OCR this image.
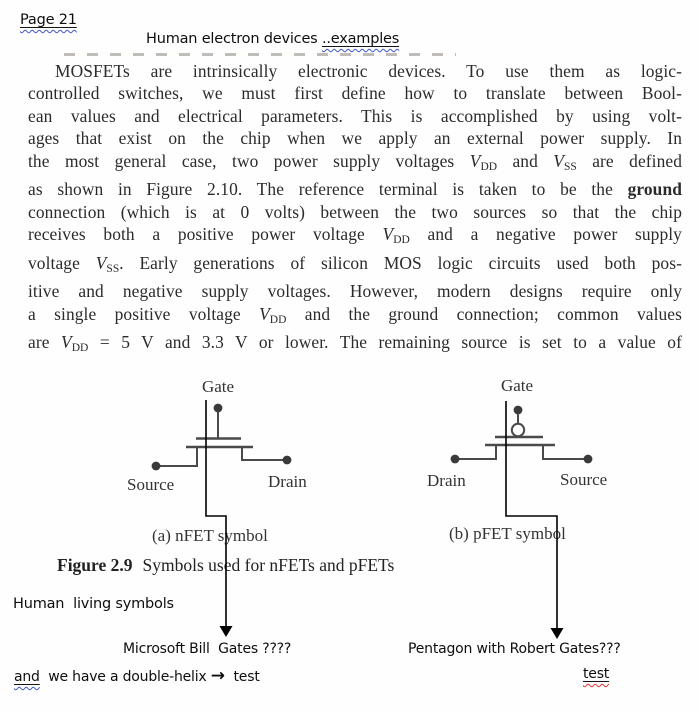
Page 21
Human electron devices ..examples
MOSFETs are intrinsically electronic devices. To use them as logic-
controlled switches, we must first define how to translate between Bool-
ean values and electrical parameters. This is accomplished by using volt-
ages that exist on the chip when we apply an external power supply. In
the most general case, two power supply voltages VDD and VSS are defined
as shown in Figure 2.10. The reference terminal is taken to be the ground
connection (which is at 0 volts) between the two sources so that the chip
receives both a positive power voltage VDD and a negative power supply
voltage VSS. Early generations of silicon MOS logic circuits used both pos-
itive and negative supply voltages. However, modern designs require only
a single positive voltage VDD and the ground connection; common values
are VDD = 5 V and 3.3 V or lower. The remaining source is set to a value of
Gate
Source	Drain
(a) nFET symbol
Gate
Drain	Source
(b) pFET symbol
Figure 2.9 Symbols used for nFETs and pFETs
Human  living symbols
Microsoft Bill  Gates ????	Pentagon with Robert Gates???
and  we have a double-helix →  test	test
